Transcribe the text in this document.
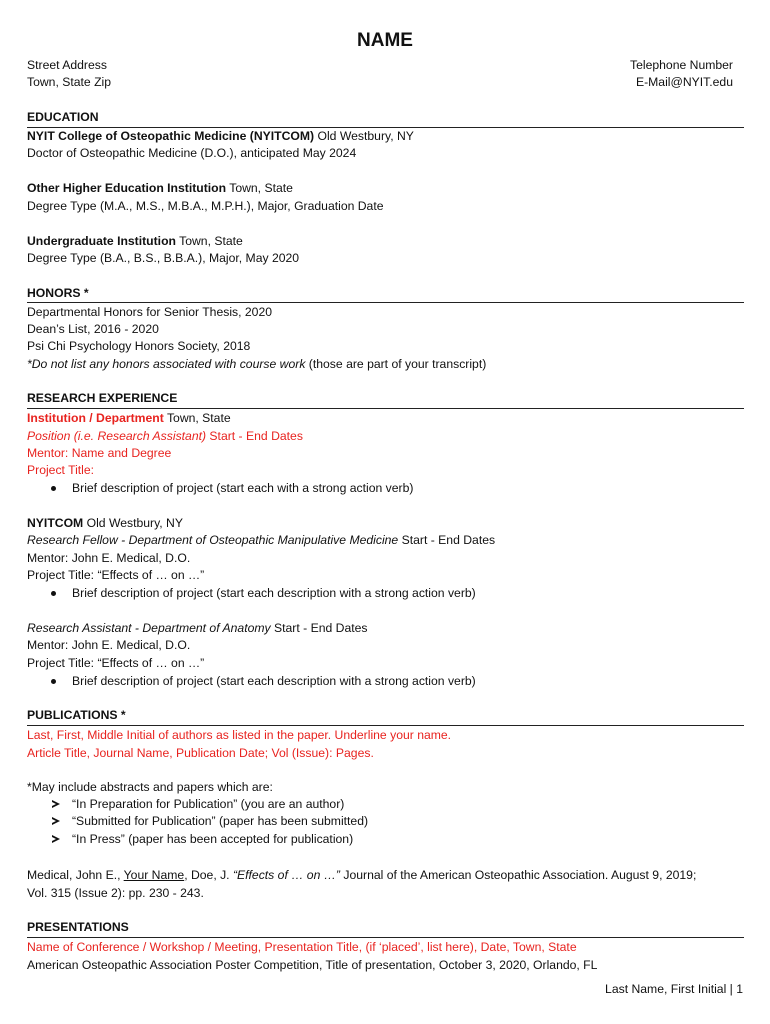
NAME
Street Address
Town, State Zip
Telephone Number
E-Mail@NYIT.edu
EDUCATION
NYIT College of Osteopathic Medicine (NYITCOM) Old Westbury, NY
Doctor of Osteopathic Medicine (D.O.), anticipated May 2024
Other Higher Education Institution Town, State
Degree Type (M.A., M.S., M.B.A., M.P.H.), Major, Graduation Date
Undergraduate Institution Town, State
Degree Type (B.A., B.S., B.B.A.), Major, May 2020
HONORS *
Departmental Honors for Senior Thesis, 2020
Dean’s List, 2016 - 2020
Psi Chi Psychology Honors Society, 2018
*Do not list any honors associated with course work (those are part of your transcript)
RESEARCH EXPERIENCE
Institution / Department Town, State
Position (i.e. Research Assistant) Start - End Dates
Mentor: Name and Degree
Project Title:
Brief description of project (start each with a strong action verb)
NYITCOM Old Westbury, NY
Research Fellow - Department of Osteopathic Manipulative Medicine Start - End Dates
Mentor: John E. Medical, D.O.
Project Title: “Effects of … on …”
Brief description of project (start each description with a strong action verb)
Research Assistant - Department of Anatomy Start - End Dates
Mentor: John E. Medical, D.O.
Project Title: “Effects of … on …”
Brief description of project (start each description with a strong action verb)
PUBLICATIONS *
Last, First, Middle Initial of authors as listed in the paper. Underline your name.
Article Title, Journal Name, Publication Date; Vol (Issue): Pages.
*May include abstracts and papers which are:
“In Preparation for Publication” (you are an author)
“Submitted for Publication” (paper has been submitted)
“In Press” (paper has been accepted for publication)
Medical, John E., Your Name, Doe, J. “Effects of … on …” Journal of the American Osteopathic Association. August 9, 2019;
Vol. 315 (Issue 2): pp. 230 - 243.
PRESENTATIONS
Name of Conference / Workshop / Meeting, Presentation Title, (if ‘placed’, list here), Date, Town, State
American Osteopathic Association Poster Competition, Title of presentation, October 3, 2020, Orlando, FL
Last Name, First Initial | 1
